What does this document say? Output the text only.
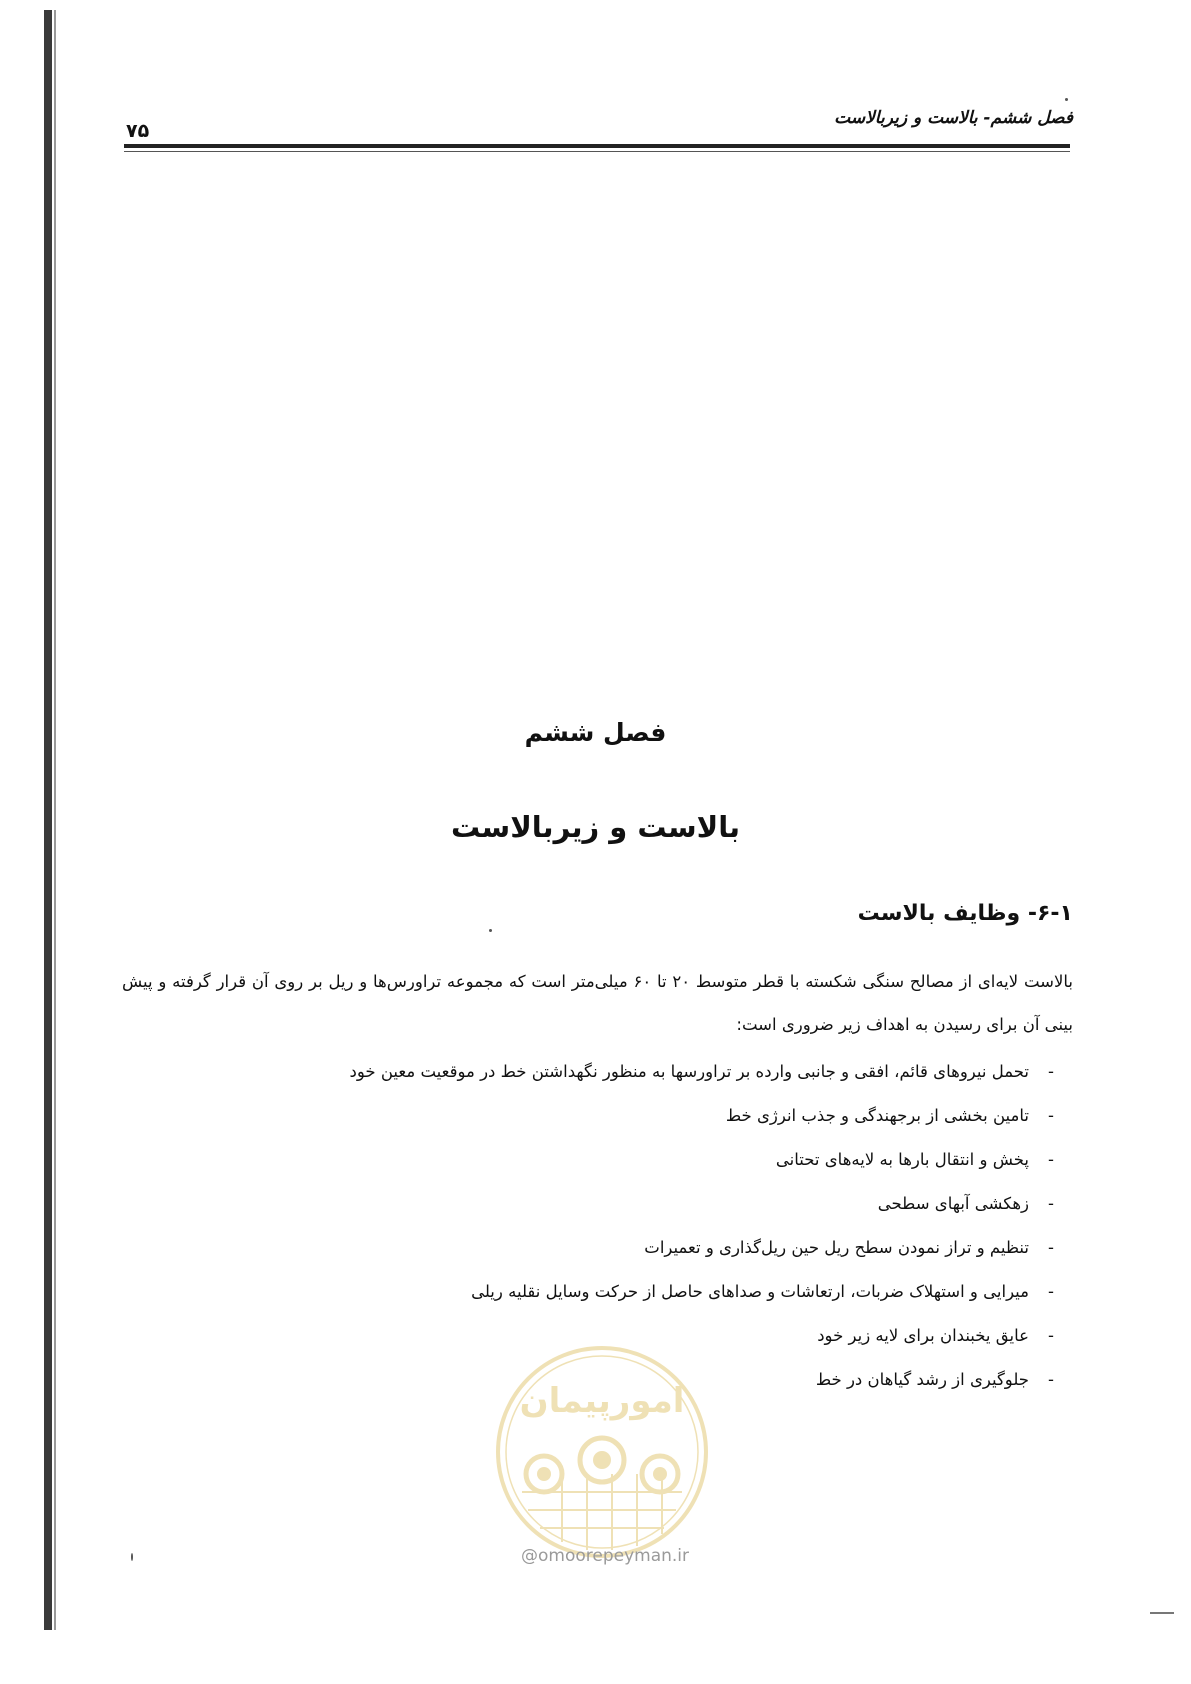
فصل ششم- بالاست و زیربالاست
۷۵
فصل ششم
بالاست و زیربالاست
۶-۱- وظایف بالاست

بالاست لایه‌ای از مصالح سنگی شکسته با قطر متوسط ۲۰ تا ۶۰ میلی‌متر است که مجموعه تراورس‌ها و ریل بر روی آن قرار گرفته و پیش بینی آن برای رسیدن به اهداف زیر ضروری است:

-
تحمل نیروهای قائم، افقی و جانبی وارده بر تراورسها به منظور نگهداشتن خط در موقعیت معین خود
-
تامین بخشی از برجهندگی و جذب انرژی خط
-
پخش و انتقال بارها به لایه‌های تحتانی
-
زهکشی آبهای سطحی
-
تنظیم و تراز نمودن سطح ریل حین ریل‌گذاری و تعمیرات
-
میرایی و استهلاک ضربات، ارتعاشات و صداهای حاصل از حرکت وسایل نقلیه ریلی
-
عایق یخبندان برای لایه زیر خود
-
جلوگیری از رشد گیاهان در خط
امورپیمان
@omoorepeyman.ir
